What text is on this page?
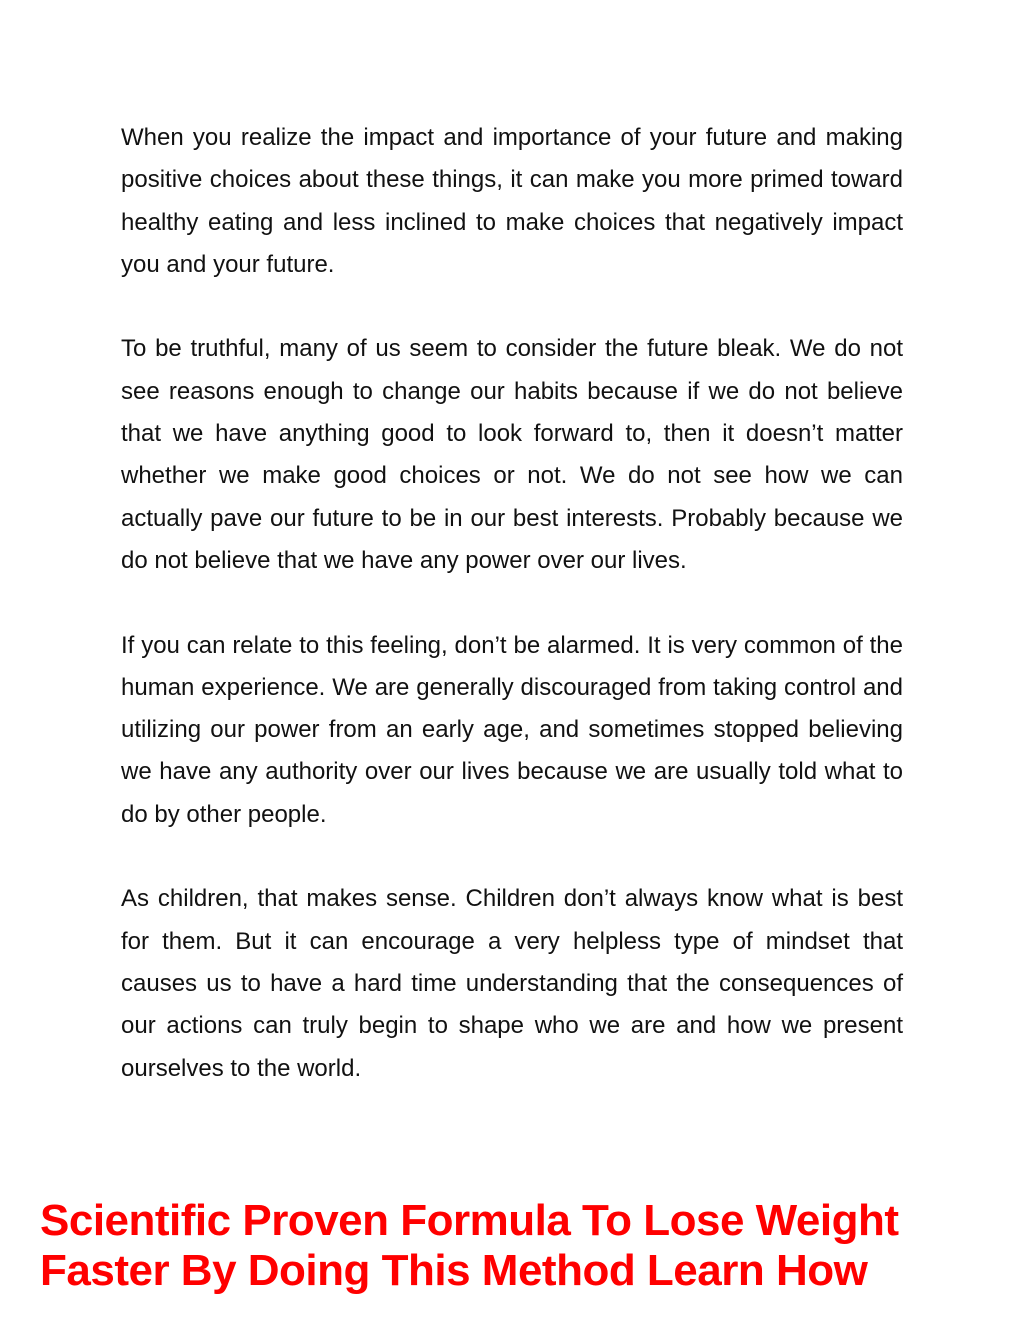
When you realize the impact and importance of your future and making positive choices about these things, it can make you more primed toward healthy eating and less inclined to make choices that negatively impact you and your future.

To be truthful, many of us seem to consider the future bleak. We do not see reasons enough to change our habits because if we do not believe that we have anything good to look forward to, then it doesn’t matter whether we make good choices or not. We do not see how we can actually pave our future to be in our best interests. Probably because we do not believe that we have any power over our lives.

If you can relate to this feeling, don’t be alarmed. It is very common of the human experience. We are generally discouraged from taking control and utilizing our power from an early age, and sometimes stopped believing we have any authority over our lives because we are usually told what to do by other people.

As children, that makes sense. Children don’t always know what is best for them. But it can encourage a very helpless type of mindset that causes us to have a hard time understanding that the consequences of our actions can truly begin to shape who we are and how we present ourselves to the world.

Scientific Proven Formula To Lose Weight
Faster By Doing This Method Learn How
